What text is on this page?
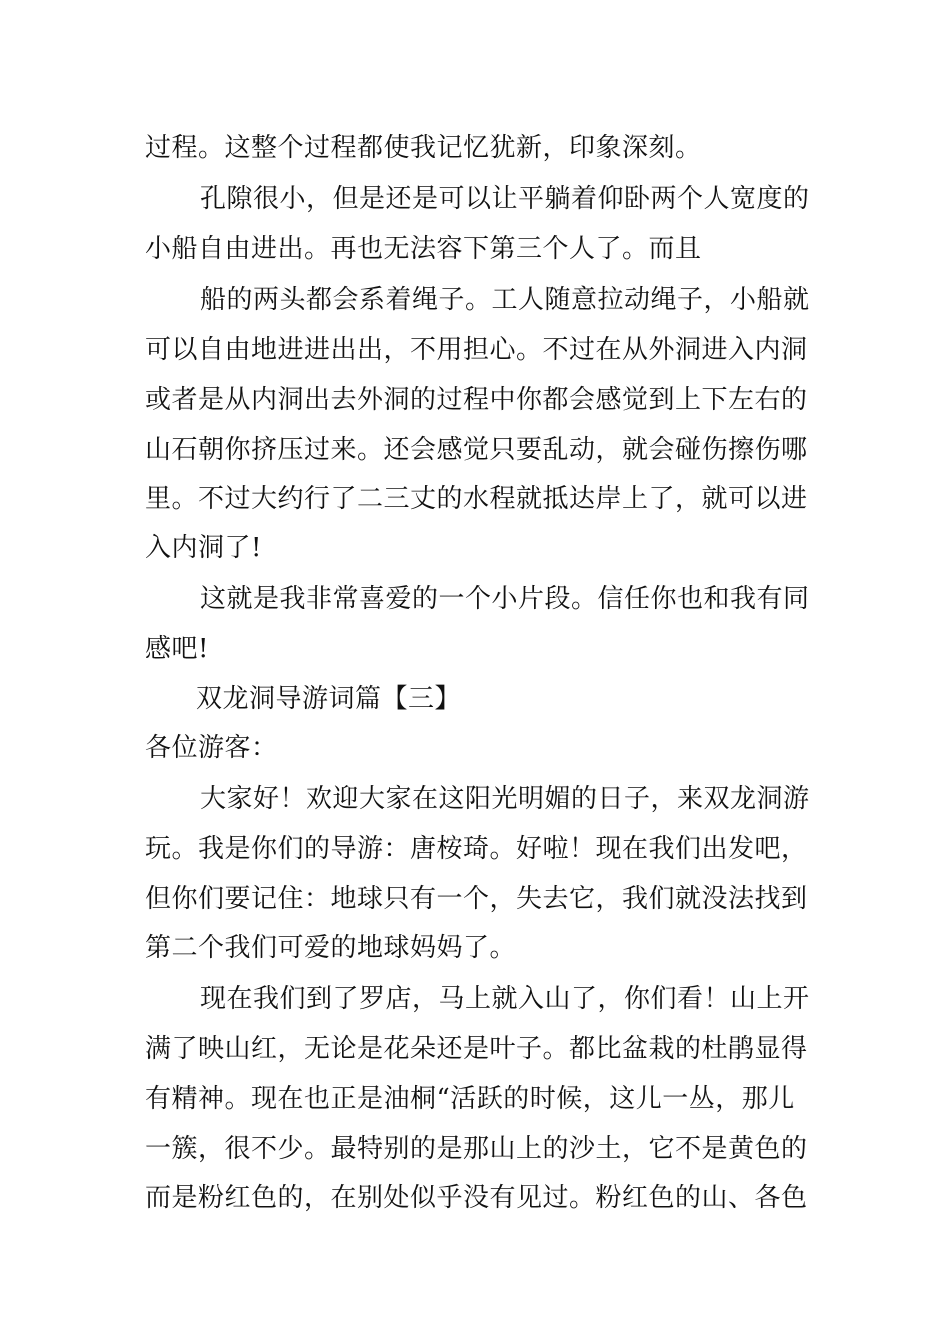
过程。这整个过程都使我记忆犹新，印象深刻。
孔隙很小，但是还是可以让平躺着仰卧两个人宽度的
小船自由进出。再也无法容下第三个人了。而且
船的两头都会系着绳子。工人随意拉动绳子，小船就
可以自由地进进出出，不用担心。不过在从外洞进入内洞
或者是从内洞出去外洞的过程中你都会感觉到上下左右的
山石朝你挤压过来。还会感觉只要乱动，就会碰伤擦伤哪
里。不过大约行了二三丈的水程就抵达岸上了，就可以进
入内洞了!
这就是我非常喜爱的一个小片段。信任你也和我有同
感吧!
双龙洞导游词篇【三】
各位游客：
大家好！欢迎大家在这阳光明媚的日子，来双龙洞游
玩。我是你们的导游：唐桉琦。好啦！现在我们出发吧，
但你们要记住：地球只有一个，失去它，我们就没法找到
第二个我们可爱的地球妈妈了。
现在我们到了罗店，马上就入山了，你们看！山上开
满了映山红，无论是花朵还是叶子。都比盆栽的杜鹃显得
有精神。现在也正是油桐“活跃的时候，这儿一丛，那儿
一簇，很不少。最特别的是那山上的沙土，它不是黄色的
而是粉红色的，在别处似乎没有见过。粉红色的山、各色
